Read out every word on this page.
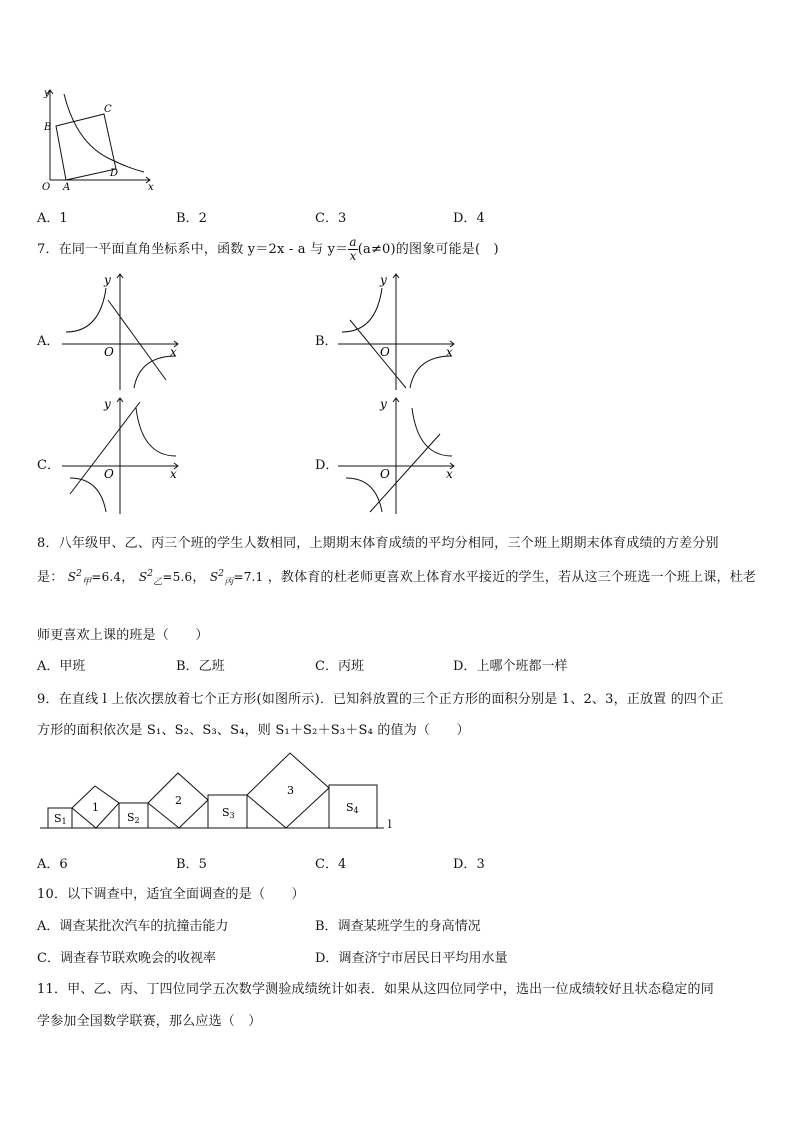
y
x
O A
B
C
D
A．1	B．2	C．3	D．4
7．在同一平面直角坐标系中，函数 y＝2x - a 与 $y= \frac{a}{x} (a\ne 0)$的图象可能是(　)
A．
y
O	x
B．
y
O	x
C．
y
O	x
D．
y
O	x
8．八年级甲、乙、丙三个班的学生人数相同，上期期末体育成绩的平均分相同，三个班上期期末体育成绩的方差分别
是： $S^2_甲=6.4$， $S^2_乙=5.6$， $S^2_丙=7.1$ ，教体育的杜老师更喜欢上体育水平接近的学生，若从这三个班选一个班上课，杜老
师更喜欢上课的班是（　　）
A．甲班	B．乙班	C．丙班	D．上哪个班都一样
9．在直线 l 上依次摆放着七个正方形(如图所示)．已知斜放置的三个正方形的面积分别是 1、2、3，正放置 的四个正
方形的面积依次是 S₁、S₂、S₃、S₄，则 S₁＋S₂＋S₃＋S₄ 的值为（　　）
S1
1
S2
2
S3
3
S4
l
A．6	B．5	C．4	D．3
10．以下调查中，适宜全面调查的是（　　）
A．调查某批次汽车的抗撞击能力	B．调查某班学生的身高情况
C．调查春节联欢晚会的收视率	D．调查济宁市居民日平均用水量
11．甲、乙、丙、丁四位同学五次数学测验成绩统计如表．如果从这四位同学中，选出一位成绩较好且状态稳定的同
学参加全国数学联赛，那么应选（　）
